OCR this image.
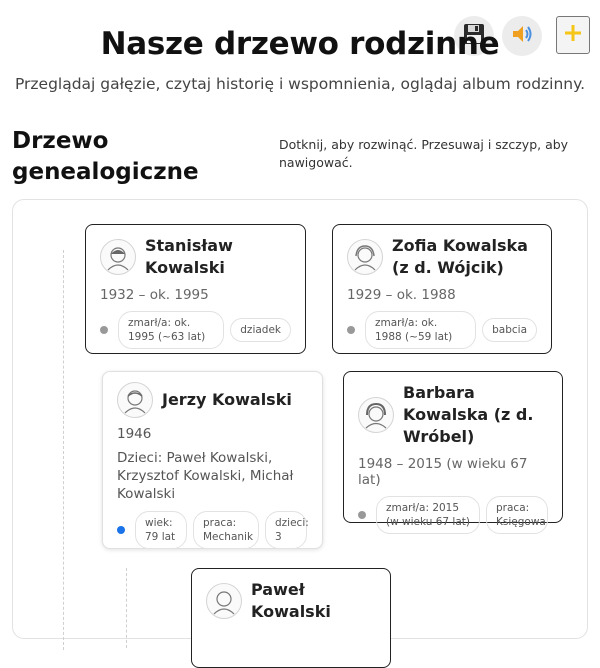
Nasze drzewo rodzinne

Przeglądaj gałęzie, czytaj historię i wspomnienia, oglądaj album rodzinny.

Drzewo genealogiczne

Dotknij, aby rozwinąć. Przesuwaj i szczyp, aby nawigować.

Stanisław Kowalski
1932 – ok. 1995
zmarł/a: ok. 1995 (~63 lat)
dziadek
Zofia Kowalska (z d. Wójcik)
1929 – ok. 1988
zmarł/a: ok. 1988 (~59 lat)
babcia
Jerzy Kowalski
1946
Dzieci: Paweł Kowalski, Krzysztof Kowalski, Michał Kowalski
wiek: 79 lat
praca: Mechanik
dzieci: 3
Barbara Kowalska (z d. Wróbel)
1948 – 2015 (w wieku 67 lat)
zmarł/a: 2015 (w wieku 67 lat)
praca: Księgowa
Paweł Kowalski
